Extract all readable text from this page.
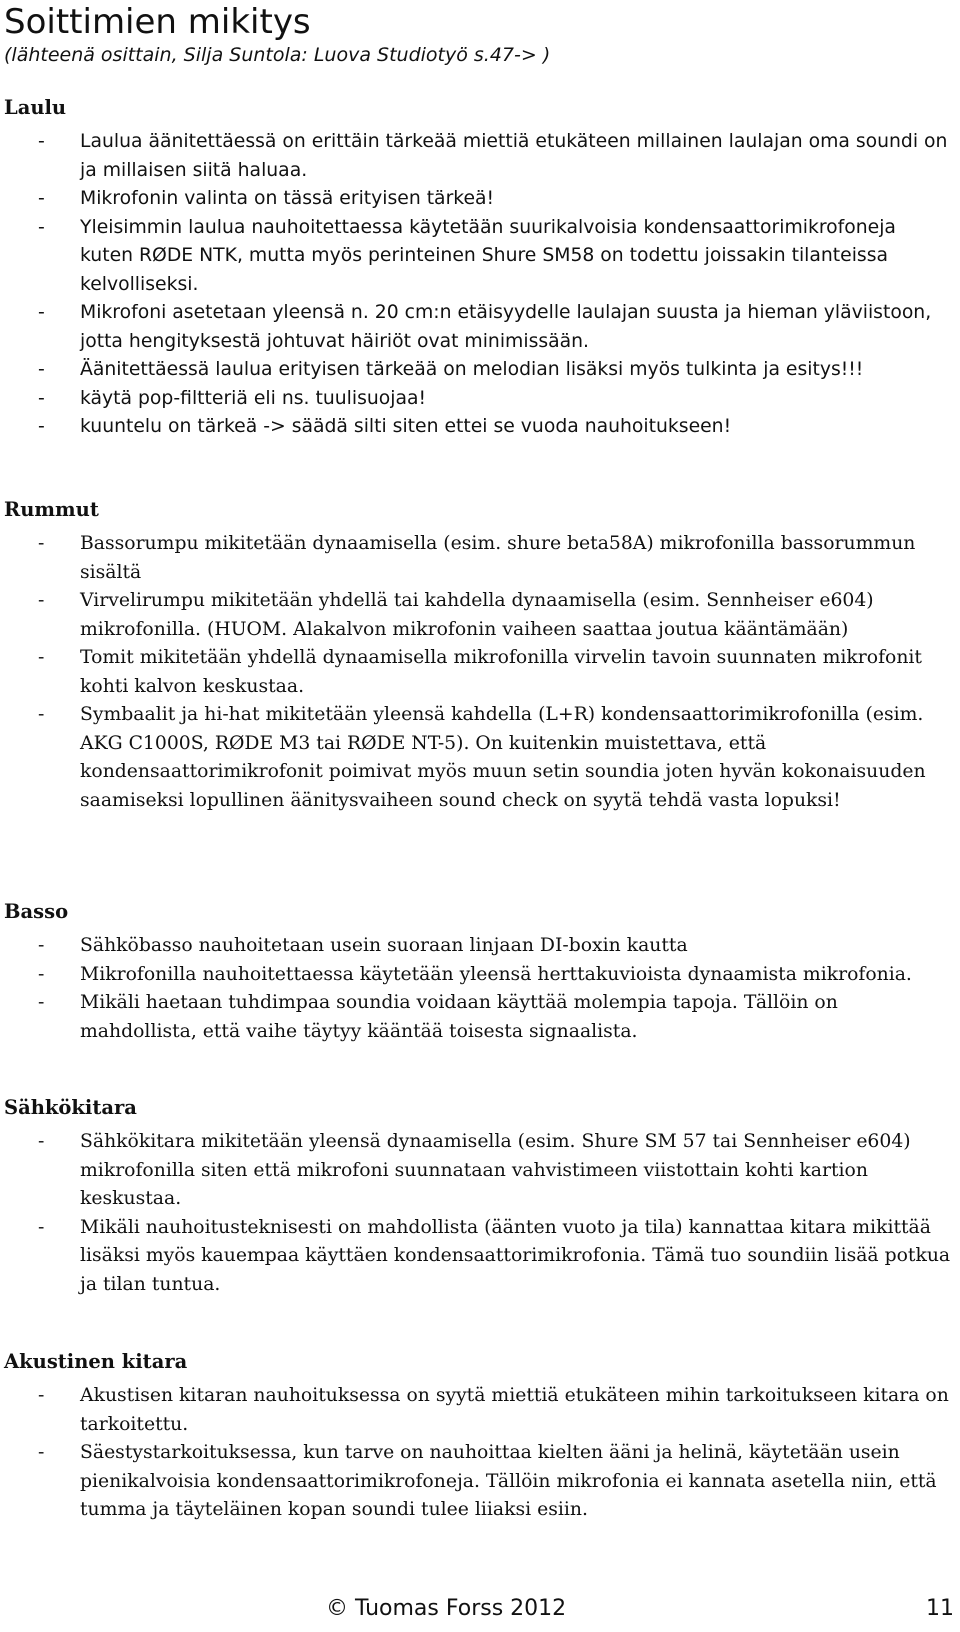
Soittimien mikitys
(lähteenä osittain, Silja Suntola: Luova Studiotyö s.47-> )
Laulu
- Laulua äänitettäessä on erittäin tärkeää miettiä etukäteen millainen laulajan oma soundi on ja millaisen siitä haluaa.
- Mikrofonin valinta on tässä erityisen tärkeä!
- Yleisimmin laulua nauhoitettaessa käytetään suurikalvoisia kondensaattorimikrofoneja kuten RØDE NTK, mutta myös perinteinen Shure SM58 on todettu joissakin tilanteissa kelvolliseksi.
- Mikrofoni asetetaan yleensä n. 20 cm:n etäisyydelle laulajan suusta ja hieman yläviistoon, jotta hengityksestä johtuvat häiriöt ovat minimissään.
- Äänitettäessä laulua erityisen tärkeää on melodian lisäksi myös tulkinta ja esitys!!!
- käytä pop-filtteriä eli ns. tuulisuojaa!
- kuuntelu on tärkeä -> säädä silti siten ettei se vuoda nauhoitukseen!
Rummut
- Bassorumpu mikitetään dynaamisella (esim. shure beta58A) mikrofonilla bassorummun sisältä
- Virvelirumpu mikitetään yhdellä tai kahdella dynaamisella (esim. Sennheiser e604) mikrofonilla. (HUOM. Alakalvon mikrofonin vaiheen saattaa joutua kääntämään)
- Tomit mikitetään yhdellä dynaamisella mikrofonilla virvelin tavoin suunnaten mikrofonit kohti kalvon keskustaa.
- Symbaalit ja hi-hat mikitetään yleensä kahdella (L+R) kondensaattorimikrofonilla (esim. AKG C1000S, RØDE M3 tai RØDE NT-5). On kuitenkin muistettava, että kondensaattorimikrofonit poimivat myös muun setin soundia joten hyvän kokonaisuuden saamiseksi lopullinen äänitysvaiheen sound check on syytä tehdä vasta lopuksi!
Basso
- Sähköbasso nauhoitetaan usein suoraan linjaan DI-boxin kautta
- Mikrofonilla nauhoitettaessa käytetään yleensä herttakuvioista dynaamista mikrofonia.
- Mikäli haetaan tuhdimpaa soundia voidaan käyttää molempia tapoja. Tällöin on mahdollista, että vaihe täytyy kääntää toisesta signaalista.
Sähkökitara
- Sähkökitara mikitetään yleensä dynaamisella (esim. Shure SM 57 tai Sennheiser e604) mikrofonilla siten että mikrofoni suunnataan vahvistimeen viistottain kohti kartion keskustaa.
- Mikäli nauhoitusteknisesti on mahdollista (äänten vuoto ja tila) kannattaa kitara mikittää lisäksi myös kauempaa käyttäen kondensaattorimikrofonia. Tämä tuo soundiin lisää potkua ja tilan tuntua.
Akustinen kitara
- Akustisen kitaran nauhoituksessa on syytä miettiä etukäteen mihin tarkoitukseen kitara on tarkoitettu.
- Säestystarkoituksessa, kun tarve on nauhoittaa kielten ääni ja helinä, käytetään usein pienikalvoisia kondensaattorimikrofoneja. Tällöin mikrofonia ei kannata asetella niin, että tumma ja täyteläinen kopan soundi tulee liiaksi esiin.
© Tuomas Forss 2012	11
